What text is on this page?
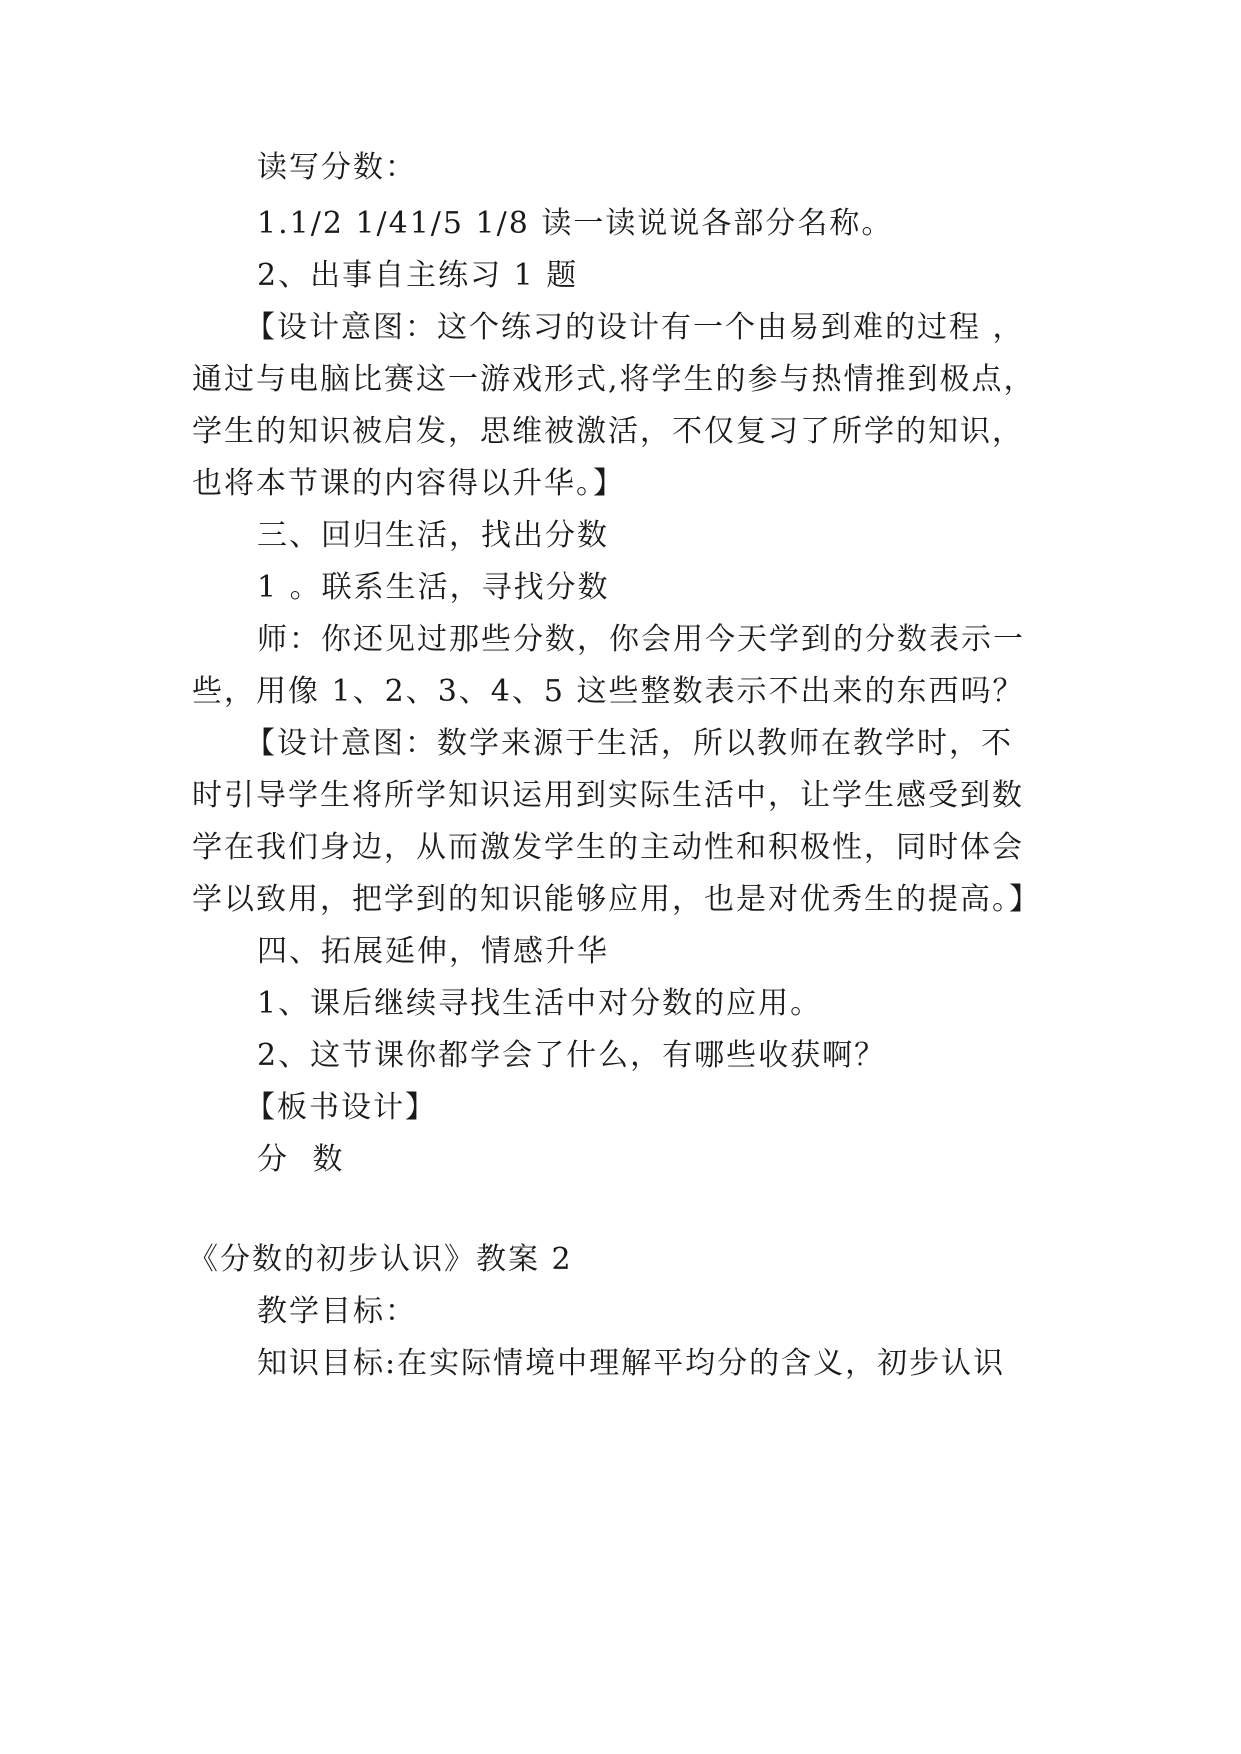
读写分数：
1.1/2 1/41/5 1/8 读一读说说各部分名称。
2、出事自主练习 1 题
【设计意图：这个练习的设计有一个由易到难的过程 ，
通过与电脑比赛这一游戏形式,将学生的参与热情推到极点，
学生的知识被启发，思维被激活，不仅复习了所学的知识，
也将本节课的内容得以升华。】
三、回归生活，找出分数
1 。联系生活，寻找分数
师：你还见过那些分数，你会用今天学到的分数表示一
些，用像 1、2、3、4、5 这些整数表示不出来的东西吗？
【设计意图：数学来源于生活，所以教师在教学时，不
时引导学生将所学知识运用到实际生活中，让学生感受到数
学在我们身边，从而激发学生的主动性和积极性，同时体会
学以致用，把学到的知识能够应用，也是对优秀生的提高。】
四、拓展延伸，情感升华
1、课后继续寻找生活中对分数的应用。
2、这节课你都学会了什么，有哪些收获啊？
【板书设计】
分 数
《分数的初步认识》教案 2
教学目标：
知识目标:在实际情境中理解平均分的含义，初步认识
